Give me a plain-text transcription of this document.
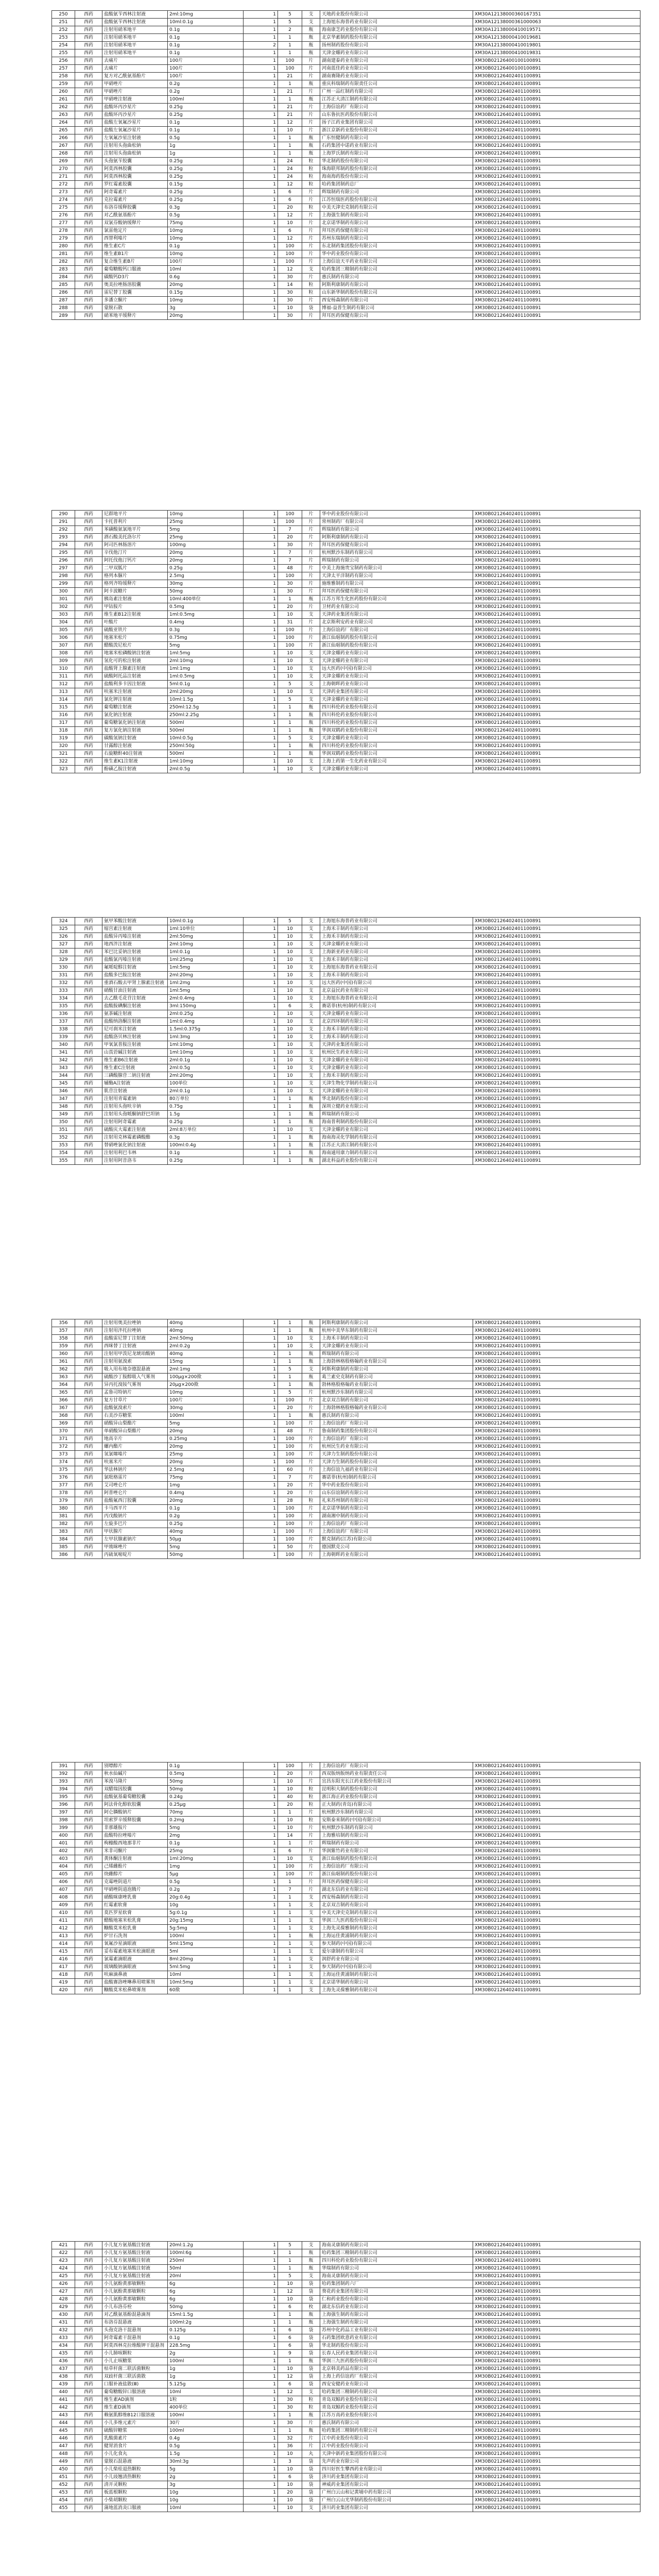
250	西药	盐酸氨苄西林注射液	2ml:10mg	1	5	支	天地药业股份有限公司	XM30A12138000360167351
251	西药	盐酸氨苄西林注射液	10ml:0.1g	1	5	支	上海旭东海普药业有限公司	XM30A12138000361000063
252	西药	注射用硝苯地平	0.1g	1	2	瓶	海南康芝药业股份有限公司	XM30A12138000410019571
253	西药	注射用硝苯地平	0.1g	1	1	瓶	北京华素制药股份有限公司	XM30A12138000410019681
254	西药	注射用硝苯地平	0.1g	2	1	瓶	扬州制药股份有限公司	XM30A12138000410019801
255	西药	注射用硝苯地平	0.1g	1	1	瓶	天津金耀药业有限公司	XM30A12138000410019831
256	西药	去痛片	100片	1	100	片	湖南建泰药业有限公司	XM30B02126400100100891
257	西药	去痛片	100片	1	100	片	河南蓝佳药业有限公司	XM30B02126400100100891
258	西药	复方对乙酰氨基酚片	100片	1	21	片	湖南赛隆药业有限公司	XM30B02126402401100891
259	西药	甲硝唑片	0.2g	1	1	瓶	重庆科瑞制药有限责任公司	XM30B02126402401100891
260	西药	甲硝唑片	0.2g	1	21	片	广州一品红制药有限公司	XM30B02126402401100891
261	西药	甲硝唑注射液	100ml	1	1	瓶	江苏正大清江制药有限公司	XM30B02126402401100891
262	西药	盐酸环丙沙星片	0.25g	1	21	片	上海信谊药厂有限公司	XM30B02126402401100891
263	西药	盐酸环丙沙星片	0.25g	1	21	片	山东鲁抗医药股份有限公司	XM30B02126402401100891
264	西药	盐酸左氧氟沙星片	0.1g	1	12	片	扬子江药业集团有限公司	XM30B02126402401100891
265	西药	盐酸左氧氟沙星片	0.1g	1	10	片	浙江京新药业股份有限公司	XM30B02126402401100891
266	西药	左氧氟沙星注射液	0.5g	1	1	瓶	广东恒健制药有限公司	XM30B02126402401100891
267	西药	注射用头孢曲松钠	1g	1	1	瓶	石药集团中诺药业有限公司	XM30B02126402401100891
268	西药	注射用头孢曲松钠	1g	1	1	瓶	上海罗氏制药有限公司	XM30B02126402401100891
269	西药	头孢氨苄胶囊	0.25g	1	24	粒	华北制药股份有限公司	XM30B02126402401100891
270	西药	阿莫西林胶囊	0.25g	1	24	粒	珠海联邦制药股份有限公司	XM30B02126402401100891
271	西药	阿莫西林胶囊	0.25g	1	24	粒	海南海药股份有限公司	XM30B02126402401100891
272	西药	罗红霉素胶囊	0.15g	1	12	粒	哈药集团制药总厂	XM30B02126402401100891
273	西药	阿奇霉素片	0.25g	1	6	片	辉瑞制药有限公司	XM30B02126402401100891
274	西药	克拉霉素片	0.25g	1	6	片	江苏恒瑞医药股份有限公司	XM30B02126402401100891
275	西药	布洛芬缓释胶囊	0.3g	1	20	粒	中美天津史克制药有限公司	XM30B02126402401100891
276	西药	对乙酰氨基酚片	0.5g	1	12	片	上海强生制药有限公司	XM30B02126402401100891
277	西药	双氯芬酸钠缓释片	75mg	1	10	片	北京诺华制药有限公司	XM30B02126402401100891
278	西药	氯雷他定片	10mg	1	6	片	拜耳医药保健有限公司	XM30B02126402401100891
279	西药	西替利嗪片	10mg	1	12	片	苏州东瑞制药有限公司	XM30B02126402401100891
280	西药	维生素C片	0.1g	1	100	片	东北制药集团股份有限公司	XM30B02126402401100891
281	西药	维生素B1片	10mg	1	100	片	华中药业股份有限公司	XM30B02126402401100891
282	西药	复合维生素B片	100片	1	100	片	上海信谊天平药业有限公司	XM30B02126402401100891
283	西药	葡萄糖酸钙口服液	10ml	1	12	支	哈药集团三精制药有限公司	XM30B02126402401100891
284	西药	碳酸钙D3片	0.6g	1	30	片	惠氏制药有限公司	XM30B02126402401100891
285	西药	奥美拉唑肠溶胶囊	20mg	1	14	粒	阿斯利康制药有限公司	XM30B02126402401100891
286	西药	雷尼替丁胶囊	0.15g	1	30	粒	山东新华制药股份有限公司	XM30B02126402401100891
287	西药	多潘立酮片	10mg	1	30	片	西安杨森制药有限公司	XM30B02126402401100891
288	西药	蒙脱石散	3g	1	10	袋	博福-益普生制药有限公司	XM30B02126402401100891
289	西药	硝苯地平缓释片	20mg	1	30	片	拜耳医药保健有限公司	XM30B02126402401100891
290	西药	尼群地平片	10mg	1	100	片	华中药业股份有限公司	XM30B02126402401100891
291	西药	卡托普利片	25mg	1	100	片	常州制药厂有限公司	XM30B02126402401100891
292	西药	苯磺酸氨氯地平片	5mg	1	7	片	辉瑞制药有限公司	XM30B02126402401100891
293	西药	酒石酸美托洛尔片	25mg	1	20	片	阿斯利康制药有限公司	XM30B02126402401100891
294	西药	阿司匹林肠溶片	100mg	1	30	片	拜耳医药保健有限公司	XM30B02126402401100891
295	西药	辛伐他汀片	20mg	1	7	片	杭州默沙东制药有限公司	XM30B02126402401100891
296	西药	阿托伐他汀钙片	20mg	1	7	片	辉瑞制药有限公司	XM30B02126402401100891
297	西药	二甲双胍片	0.25g	1	48	片	中美上海施贵宝制药有限公司	XM30B02126402401100891
298	西药	格列本脲片	2.5mg	1	100	片	天津太平洋制药有限公司	XM30B02126402401100891
299	西药	格列齐特缓释片	30mg	1	30	片	施维雅制药有限公司	XM30B02126402401100891
300	西药	阿卡波糖片	50mg	1	30	片	拜耳医药保健有限公司	XM30B02126402401100891
301	西药	胰岛素注射液	10ml:400单位	1	1	瓶	江苏万邦生化医药股份有限公司	XM30B02126402401100891
302	西药	甲钴胺片	0.5mg	1	20	片	卫材药业有限公司	XM30B02126402401100891
303	西药	维生素B12注射液	1ml:0.5mg	1	10	支	天津药业集团有限公司	XM30B02126402401100891
304	西药	叶酸片	0.4mg	1	31	片	北京斯利安药业有限公司	XM30B02126402401100891
305	西药	硫酸亚铁片	0.3g	1	100	片	上海信谊药厂有限公司	XM30B02126402401100891
306	西药	地塞米松片	0.75mg	1	100	片	浙江仙琚制药股份有限公司	XM30B02126402401100891
307	西药	醋酸泼尼松片	5mg	1	100	片	浙江仙琚制药股份有限公司	XM30B02126402401100891
308	西药	地塞米松磷酸钠注射液	1ml:5mg	1	10	支	天津金耀药业有限公司	XM30B02126402401100891
309	西药	氢化可的松注射液	2ml:10mg	1	10	支	天津金耀药业有限公司	XM30B02126402401100891
310	西药	盐酸肾上腺素注射液	1ml:1mg	1	10	支	远大医药(中国)有限公司	XM30B02126402401100891
311	西药	硫酸阿托品注射液	1ml:0.5mg	1	10	支	天津金耀药业有限公司	XM30B02126402401100891
312	西药	盐酸利多卡因注射液	5ml:0.1g	1	5	支	上海朝晖药业有限公司	XM30B02126402401100891
313	西药	呋塞米注射液	2ml:20mg	1	10	支	天津药业集团有限公司	XM30B02126402401100891
314	西药	氯化钾注射液	10ml:1.5g	1	5	支	天津金耀药业有限公司	XM30B02126402401100891
315	西药	葡萄糖注射液	250ml:12.5g	1	1	瓶	四川科伦药业股份有限公司	XM30B02126402401100891
316	西药	氯化钠注射液	250ml:2.25g	1	1	瓶	四川科伦药业股份有限公司	XM30B02126402401100891
317	西药	葡萄糖氯化钠注射液	500ml	1	1	瓶	四川科伦药业股份有限公司	XM30B02126402401100891
318	西药	复方氯化钠注射液	500ml	1	1	瓶	华润双鹤药业股份有限公司	XM30B02126402401100891
319	西药	碳酸氢钠注射液	10ml:0.5g	1	5	支	天津金耀药业有限公司	XM30B02126402401100891
320	西药	甘露醇注射液	250ml:50g	1	1	瓶	四川科伦药业股份有限公司	XM30B02126402401100891
321	西药	右旋糖酐40注射液	500ml	1	1	瓶	华润双鹤药业股份有限公司	XM30B02126402401100891
322	西药	维生素K1注射液	1ml:10mg	1	10	支	上海上药第一生化药业有限公司	XM30B02126402401100891
323	西药	酚磺乙胺注射液	2ml:0.5g	1	10	支	天津金耀药业有限公司	XM30B02126402401100891
324	西药	氨甲苯酸注射液	10ml:0.1g	1	5	支	上海旭东海普药业有限公司	XM30B02126402401100891
325	西药	缩宫素注射液	1ml:10单位	1	10	支	上海禾丰制药有限公司	XM30B02126402401100891
326	西药	盐酸异丙嗪注射液	2ml:50mg	1	10	支	上海禾丰制药有限公司	XM30B02126402401100891
327	西药	地西泮注射液	2ml:10mg	1	10	支	天津金耀药业有限公司	XM30B02126402401100891
328	西药	苯巴比妥钠注射液	1ml:0.1g	1	10	支	上海新亚药业有限公司	XM30B02126402401100891
329	西药	盐酸氯丙嗪注射液	1ml:25mg	1	10	支	上海禾丰制药有限公司	XM30B02126402401100891
330	西药	氟哌啶醇注射液	1ml:5mg	1	10	支	上海旭东海普药业有限公司	XM30B02126402401100891
331	西药	盐酸多巴胺注射液	2ml:20mg	1	10	支	上海禾丰制药有限公司	XM30B02126402401100891
332	西药	重酒石酸去甲肾上腺素注射液	1ml:2mg	1	10	支	远大医药(中国)有限公司	XM30B02126402401100891
333	西药	硝酸甘油注射液	1ml:5mg	1	10	支	北京益民药业有限公司	XM30B02126402401100891
334	西药	去乙酰毛花苷注射液	2ml:0.4mg	1	10	支	上海旭东海普药业有限公司	XM30B02126402401100891
335	西药	盐酸胺碘酮注射液	3ml:150mg	1	6	支	赛诺菲(杭州)制药有限公司	XM30B02126402401100891
336	西药	氨茶碱注射液	2ml:0.25g	1	10	支	天津金耀药业有限公司	XM30B02126402401100891
337	西药	盐酸纳洛酮注射液	1ml:0.4mg	1	10	支	北京四环制药有限公司	XM30B02126402401100891
338	西药	尼可刹米注射液	1.5ml:0.375g	1	10	支	上海禾丰制药有限公司	XM30B02126402401100891
339	西药	盐酸洛贝林注射液	1ml:3mg	1	10	支	上海禾丰制药有限公司	XM30B02126402401100891
340	西药	甲氧氯普胺注射液	1ml:10mg	1	10	支	天津药业集团有限公司	XM30B02126402401100891
341	西药	山莨菪碱注射液	1ml:10mg	1	10	支	杭州民生药业有限公司	XM30B02126402401100891
342	西药	维生素B6注射液	2ml:0.1g	1	10	支	天津金耀药业有限公司	XM30B02126402401100891
343	西药	维生素C注射液	2ml:0.5g	1	10	支	天津金耀药业有限公司	XM30B02126402401100891
344	西药	三磷酸腺苷二钠注射液	2ml:20mg	1	10	支	上海禾丰制药有限公司	XM30B02126402401100891
345	西药	辅酶A注射液	100单位	1	10	支	天津生物化学制药有限公司	XM30B02126402401100891
346	西药	肌苷注射液	2ml:0.1g	1	10	支	天津金耀药业有限公司	XM30B02126402401100891
347	西药	注射用青霉素钠	80万单位	1	1	瓶	华北制药股份有限公司	XM30B02126402401100891
348	西药	注射用头孢呋辛钠	0.75g	1	1	瓶	深圳立健药业有限公司	XM30B02126402401100891
349	西药	注射用头孢哌酮钠舒巴坦钠	1.5g	1	1	瓶	辉瑞制药有限公司	XM30B02126402401100891
350	西药	注射用阿奇霉素	0.25g	1	1	瓶	海南普利制药股份有限公司	XM30B02126402401100891
351	西药	硫酸庆大霉素注射液	2ml:8万单位	1	10	支	天津金耀药业有限公司	XM30B02126402401100891
352	西药	注射用克林霉素磷酸酯	0.3g	1	1	瓶	海南海灵化学制药有限公司	XM30B02126402401100891
353	西药	替硝唑氯化钠注射液	100ml:0.4g	1	1	瓶	江苏正大清江制药有限公司	XM30B02126402401100891
354	西药	注射用利巴韦林	0.1g	1	1	瓶	海南通用康力制药有限公司	XM30B02126402401100891
355	西药	注射用阿昔洛韦	0.25g	1	1	瓶	湖北科益药业股份有限公司	XM30B02126402401100891
356	西药	注射用奥美拉唑钠	40mg	1	1	瓶	阿斯利康制药有限公司	XM30B02126402401100891
357	西药	注射用泮托拉唑钠	40mg	1	1	瓶	杭州中美华东制药有限公司	XM30B02126402401100891
358	西药	盐酸雷尼替丁注射液	2ml:50mg	1	10	支	上海禾丰制药有限公司	XM30B02126402401100891
359	西药	西咪替丁注射液	2ml:0.2g	1	10	支	天津金耀药业有限公司	XM30B02126402401100891
360	西药	注射用甲泼尼龙琥珀酸钠	40mg	1	1	瓶	辉瑞制药有限公司	XM30B02126402401100891
361	西药	注射用氨溴索	15mg	1	1	瓶	上海勃林格殷格翰药业有限公司	XM30B02126402401100891
362	西药	吸入用布地奈德混悬液	2ml:1mg	1	5	支	阿斯利康制药有限公司	XM30B02126402401100891
363	西药	硫酸沙丁胺醇吸入气雾剂	100μg×200揿	1	1	瓶	葛兰素史克制药有限公司	XM30B02126402401100891
364	西药	异丙托溴铵气雾剂	20μg×200揿	1	1	瓶	勃林格殷格翰药业有限公司	XM30B02126402401100891
365	西药	孟鲁司特钠片	10mg	1	5	片	杭州默沙东制药有限公司	XM30B02126402401100891
366	西药	复方甘草片	100片	1	100	片	北京双吉制药有限公司	XM30B02126402401100891
367	西药	盐酸氨溴索片	30mg	1	20	片	上海勃林格殷格翰药业有限公司	XM30B02126402401100891
368	西药	右美沙芬糖浆	100ml	1	1	瓶	惠氏制药有限公司	XM30B02126402401100891
369	西药	硝酸异山梨酯片	5mg	1	100	片	上海信谊药厂有限公司	XM30B02126402401100891
370	西药	单硝酸异山梨酯片	20mg	1	48	片	鲁南制药集团股份有限公司	XM30B02126402401100891
371	西药	地高辛片	0.25mg	1	100	片	上海信谊药厂有限公司	XM30B02126402401100891
372	西药	螺内酯片	20mg	1	100	片	杭州民生药业有限公司	XM30B02126402401100891
373	西药	氢氯噻嗪片	25mg	1	100	片	天津力生制药股份有限公司	XM30B02126402401100891
374	西药	呋塞米片	20mg	1	100	片	天津力生制药股份有限公司	XM30B02126402401100891
375	西药	华法林钠片	2.5mg	1	60	片	上海信谊九福药业有限公司	XM30B02126402401100891
376	西药	氯吡格雷片	75mg	1	7	片	赛诺菲(杭州)制药有限公司	XM30B02126402401100891
377	西药	艾司唑仑片	1mg	1	20	片	华中药业股份有限公司	XM30B02126402401100891
378	西药	阿普唑仑片	0.4mg	1	20	片	山东信谊制药有限公司	XM30B02126402401100891
379	西药	盐酸氟西汀胶囊	20mg	1	28	粒	礼来苏州制药有限公司	XM30B02126402401100891
380	西药	卡马西平片	0.1g	1	100	片	北京诺华制药有限公司	XM30B02126402401100891
381	西药	丙戊酸钠片	0.2g	1	100	片	湖南湘中制药有限公司	XM30B02126402401100891
382	西药	左旋多巴片	0.25g	1	100	片	上海信谊药厂有限公司	XM30B02126402401100891
383	西药	甲状腺片	40mg	1	100	片	上海信谊药厂有限公司	XM30B02126402401100891
384	西药	左甲状腺素钠片	50μg	1	100	片	默克制药(江苏)有限公司	XM30B02126402401100891
385	西药	甲巯咪唑片	5mg	1	50	片	德国默克公司	XM30B02126402401100891
386	西药	丙硫氧嘧啶片	50mg	1	100	片	上海朝晖药业有限公司	XM30B02126402401100891
391	西药	别嘌醇片	0.1g	1	100	片	上海信谊药厂有限公司	XM30B02126402401100891
392	西药	秋水仙碱片	0.5mg	1	20	片	西双版纳版纳药业有限责任公司	XM30B02126402401100891
393	西药	苯溴马隆片	50mg	1	10	片	宜昌东阳光长江药业股份有限公司	XM30B02126402401100891
394	西药	双醋瑞因胶囊	50mg	1	10	粒	昆明积大制药股份有限公司	XM30B02126402401100891
395	西药	盐酸氨基葡萄糖胶囊	0.24g	1	40	粒	浙江海正药业股份有限公司	XM30B02126402401100891
396	西药	阿法骨化醇软胶囊	0.25μg	1	20	粒	正大制药(青岛)有限公司	XM30B02126402401100891
397	西药	阿仑膦酸钠片	70mg	1	1	片	杭州默沙东制药有限公司	XM30B02126402401100891
398	西药	坦索罗辛缓释胶囊	0.2mg	1	10	粒	安斯泰来制药(中国)有限公司	XM30B02126402401100891
399	西药	非那雄胺片	5mg	1	10	片	杭州默沙东制药有限公司	XM30B02126402401100891
400	西药	盐酸特拉唑嗪片	2mg	1	14	片	上海雅培制药有限公司	XM30B02126402401100891
401	西药	枸橼酸西地那非片	0.1g	1	1	片	辉瑞制药有限公司	XM30B02126402401100891
402	西药	米非司酮片	25mg	1	6	片	华润紫竹药业有限公司	XM30B02126402401100891
403	西药	黄体酮注射液	1ml:20mg	1	10	支	浙江仙琚制药股份有限公司	XM30B02126402401100891
404	西药	己烯雌酚片	1mg	1	100	片	上海信谊药厂有限公司	XM30B02126402401100891
405	西药	炔雌醇片	5μg	1	100	片	浙江仙琚制药股份有限公司	XM30B02126402401100891
406	西药	克霉唑阴道片	0.5g	1	1	片	拜耳医药保健有限公司	XM30B02126402401100891
407	西药	甲硝唑阴道泡腾片	0.2g	1	7	片	湖北东信药业有限公司	XM30B02126402401100891
408	西药	硝酸咪康唑乳膏	20g:0.4g	1	1	支	西安杨森制药有限公司	XM30B02126402401100891
409	西药	红霉素软膏	10g	1	1	支	北京双吉制药有限公司	XM30B02126402401100891
410	西药	莫匹罗星软膏	5g:0.1g	1	1	支	中美天津史克制药有限公司	XM30B02126402401100891
411	西药	醋酸地塞米松乳膏	20g:15mg	1	1	支	华润三九医药股份有限公司	XM30B02126402401100891
412	西药	糠酸莫米松乳膏	5g:5mg	1	1	支	上海先灵葆雅制药有限公司	XM30B02126402401100891
413	西药	炉甘石洗剂	100ml	1	1	瓶	上海运佳黄浦制药有限公司	XM30B02126402401100891
414	西药	氧氟沙星滴眼液	5ml:15mg	1	1	支	参天制药(中国)有限公司	XM30B02126402401100891
415	西药	妥布霉素地塞米松滴眼液	5ml	1	1	支	爱尔康制药有限公司	XM30B02126402401100891
416	西药	氯霉素滴眼液	8ml:20mg	1	1	支	润舒药业有限公司	XM30B02126402401100891
417	西药	玻璃酸钠滴眼液	5ml:5mg	1	1	支	参天制药(中国)有限公司	XM30B02126402401100891
418	西药	呋麻滴鼻液	10ml	1	1	支	上海运佳黄浦制药有限公司	XM30B02126402401100891
419	西药	盐酸赛洛唑啉鼻用喷雾剂	10ml:5mg	1	1	支	北京诺华制药有限公司	XM30B02126402401100891
420	西药	糠酸莫米松鼻喷雾剂	60揿	1	1	支	上海先灵葆雅制药有限公司	XM30B02126402401100891
421	西药	小儿复方氨基酸注射液	20ml:1.2g	1	5	支	海南灵康制药有限公司	XM30B02126402401100891
422	西药	小儿复方氨基酸注射液	100ml:6g	1	1	瓶	哈药集团三精制药有限公司	XM30B02126402401100891
423	西药	小儿复方氨基酸注射液	250ml	1	1	瓶	四川科伦药业股份有限公司	XM30B02126402401100891
424	西药	小儿复方氨基酸注射液	50ml	1	1	瓶	华瑞制药有限公司	XM30B02126402401100891
425	西药	小儿复方氨基酸注射液	20ml	1	5	支	海南灵康制药有限公司	XM30B02126402401100891
426	西药	小儿氨酚黄那敏颗粒	6g	1	10	袋	哈药集团制药六厂	XM30B02126402401100891
427	西药	小儿氨酚黄那敏颗粒	6g	1	12	袋	葵花药业集团有限公司	XM30B02126402401100891
428	西药	小儿氨酚黄那敏颗粒	6g	1	10	袋	仁和药业股份有限公司	XM30B02126402401100891
429	西药	小儿布洛芬栓	50mg	1	6	枚	湖北东信药业有限公司	XM30B02126402401100891
430	西药	对乙酰氨基酚混悬滴剂	15ml:1.5g	1	1	瓶	上海强生制药有限公司	XM30B02126402401100891
431	西药	布洛芬混悬液	100ml:2g	1	1	瓶	上海强生制药有限公司	XM30B02126402401100891
432	西药	头孢克洛干混悬剂	0.125g	1	6	袋	苏州中化药品工业有限公司	XM30B02126402401100891
433	西药	阿奇霉素干混悬剂	0.1g	1	6	袋	石药集团欧意药业有限公司	XM30B02126402401100891
434	西药	阿莫西林克拉维酸钾干混悬剂	228.5mg	1	6	袋	华北制药股份有限公司	XM30B02126402401100891
435	西药	小儿肺咳颗粒	2g	1	9	袋	长春人民药业集团有限公司	XM30B02126402401100891
436	西药	小儿止咳糖浆	100ml	1	1	瓶	华润三九医药股份有限公司	XM30B02126402401100891
437	西药	枯草杆菌二联活菌颗粒	1g	1	10	袋	北京韩美药品有限公司	XM30B02126402401100891
438	西药	双歧杆菌三联活菌散	1g	1	12	袋	上海上药信谊药厂有限公司	XM30B02126402401100891
439	西药	口服补液盐散(Ⅲ)	5.125g	1	6	袋	西安安健药业有限公司	XM30B02126402401100891
440	西药	葡萄糖酸锌口服溶液	10ml	1	12	支	哈药集团三精制药有限公司	XM30B02126402401100891
441	西药	维生素AD滴剂	1粒	1	30	粒	青岛双鲸药业股份有限公司	XM30B02126402401100891
442	西药	维生素D滴剂	400单位	1	30	粒	青岛双鲸药业股份有限公司	XM30B02126402401100891
443	西药	赖氨肌醇维B12口服溶液	100ml	1	1	瓶	江苏万高药业股份有限公司	XM30B02126402401100891
444	西药	小儿多维元素片	30片	1	30	片	惠氏制药有限公司	XM30B02126402401100891
445	西药	硫酸锌糖浆	100ml	1	1	瓶	哈药集团三精制药有限公司	XM30B02126402401100891
446	西药	乳酸菌素片	0.4g	1	32	片	江中药业股份有限公司	XM30B02126402401100891
447	西药	健胃消食片	0.5g	1	36	片	江中药业股份有限公司	XM30B02126402401100891
448	西药	小儿化食丸	1.5g	1	10	丸	天津中新药业集团股份有限公司	XM30B02126402401100891
449	西药	蒙脱石混悬液	30ml:3g	1	3	袋	先声药业有限公司	XM30B02126402401100891
450	西药	小儿柴桂退热颗粒	5g	1	10	袋	四川好医生攀西药业有限公司	XM30B02126402401100891
451	西药	小儿豉翘清热颗粒	2g	1	6	袋	济川药业集团有限公司	XM30B02126402401100891
452	西药	清开灵颗粒	3g	1	10	袋	神威药业集团有限公司	XM30B02126402401100891
453	西药	板蓝根颗粒	10g	1	20	袋	广州白云山和记黄埔中药有限公司	XM30B02126402401100891
454	西药	小柴胡颗粒	10g	1	10	袋	广州白云山光华制药股份有限公司	XM30B02126402401100891
455	西药	蒲地蓝消炎口服液	10ml	1	10	支	济川药业集团有限公司	XM30B02126402401100891
